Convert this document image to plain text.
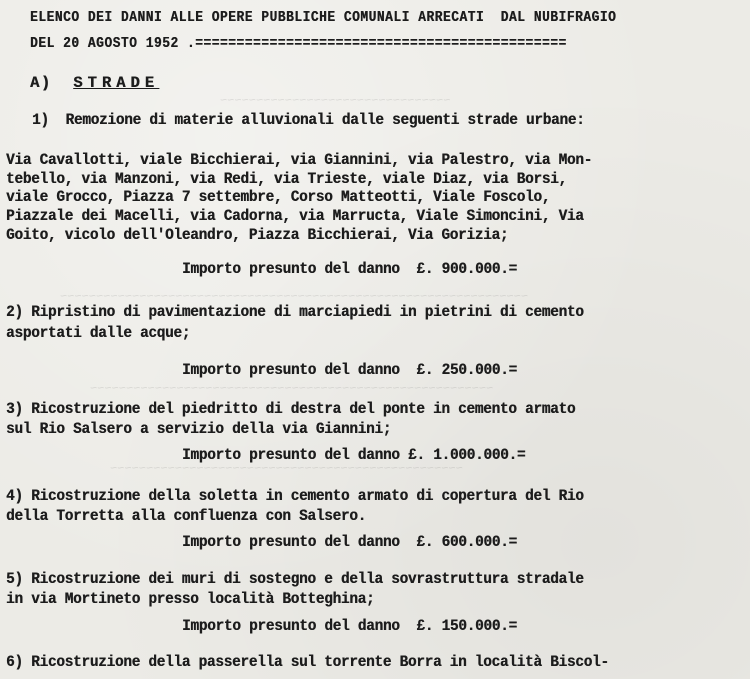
~~~~~~~~~~~~~~~~~~~~~~~~~~~~~~~~
~~~~~~~~~~~~~~~~~~~~~~~~~~~~~~~~~~~~~~~~~~~~~~~~~~~~~~~~~~~~~~~~~
~~~~~~~~~~~~~~~~~~~~~~~~~~~~~~~~~~~~~~~~~~~~~~~~~~~~~~~~
~~~~~~~~~~~~~~~~~~~~~~~~~~~~~~~~~~~~~~~~~~~~~~~~~
ELENCO DEI DANNI ALLE OPERE PUBBLICHE COMUNALI ARRECATI  DAL NUBIFRAGIO
DEL 20 AGOSTO 1952 .=============================================
A) STRADE
1)  Remozione di materie alluvionali dalle seguenti strade urbane:
Via Cavallotti, viale Bicchierai, via Giannini, via Palestro, via Mon-
tebello, via Manzoni, via Redi, via Trieste, viale Diaz, via Borsi,
viale Grocco, Piazza 7 settembre, Corso Matteotti, Viale Foscolo,
Piazzale dei Macelli, via Cadorna, via Marructa, Viale Simoncini, Via
Goito, vicolo dell'Oleandro, Piazza Bicchierai, Via Gorizia;
Importo presunto del danno  £. 900.000.=
2) Ripristino di pavimentazione di marciapiedi in pietrini di cemento
asportati dalle acque;
Importo presunto del danno  £. 250.000.=
3) Ricostruzione del piedritto di destra del ponte in cemento armato
sul Rio Salsero a servizio della via Giannini;
Importo presunto del danno £. 1.000.000.=
4) Ricostruzione della soletta in cemento armato di copertura del Rio
della Torretta alla confluenza con Salsero.
Importo presunto del danno  £. 600.000.=
5) Ricostruzione dei muri di sostegno e della sovrastruttura stradale
in via Mortineto presso località Botteghina;
Importo presunto del danno  £. 150.000.=
6) Ricostruzione della passerella sul torrente Borra in località Biscol-
